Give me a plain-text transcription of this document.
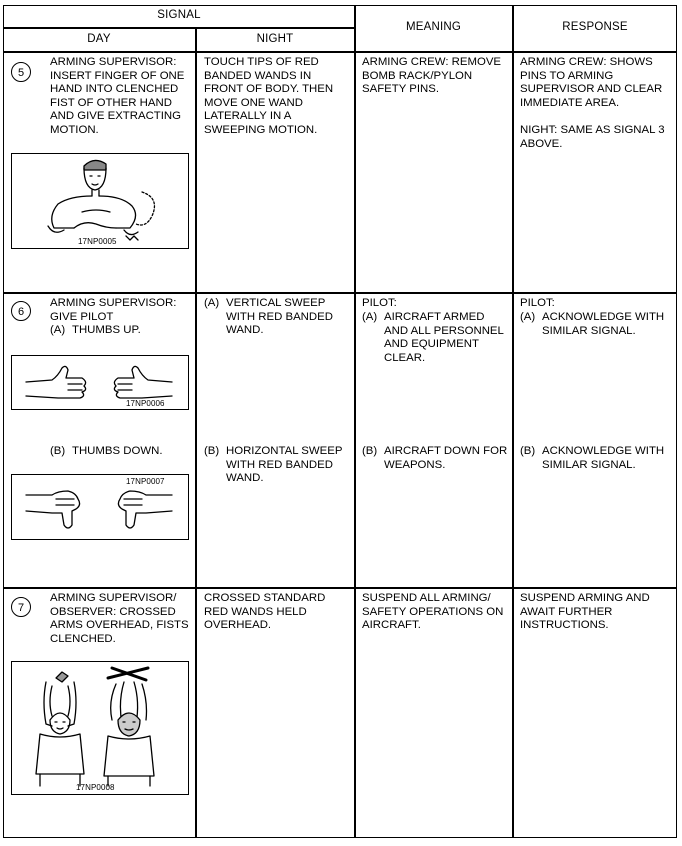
SIGNAL
DAY	NIGHT
MEANING	RESPONSE
5
ARMING SUPERVISOR:
INSERT FINGER OF ONE
HAND INTO CLENCHED
FIST OF OTHER HAND
AND GIVE EXTRACTING
MOTION.
17NP0005
TOUCH TIPS OF RED
BANDED WANDS IN
FRONT OF BODY. THEN
MOVE ONE WAND
LATERALLY IN A
SWEEPING MOTION.
ARMING CREW: REMOVE
BOMB RACK/PYLON
SAFETY PINS.
ARMING CREW: SHOWS
PINS TO ARMING
SUPERVISOR AND CLEAR
IMMEDIATE AREA.

NIGHT: SAME AS SIGNAL 3
ABOVE.
6
ARMING SUPERVISOR:
GIVE PILOT
(A) THUMBS UP.
17NP0006
(B) THUMBS DOWN.
17NP0007
(A) VERTICAL SWEEP
WITH RED BANDED
WAND.
(B) HORIZONTAL SWEEP
WITH RED BANDED
WAND.
PILOT:
(A) AIRCRAFT ARMED
AND ALL PERSONNEL
AND EQUIPMENT
CLEAR.
(B) AIRCRAFT DOWN FOR
WEAPONS.
PILOT:
(A) ACKNOWLEDGE WITH
SIMILAR SIGNAL.
(B) ACKNOWLEDGE WITH
SIMILAR SIGNAL.
7
ARMING SUPERVISOR/
OBSERVER: CROSSED
ARMS OVERHEAD, FISTS
CLENCHED.
17NP0008
CROSSED STANDARD
RED WANDS HELD
OVERHEAD.
SUSPEND ALL ARMING/
SAFETY OPERATIONS ON
AIRCRAFT.
SUSPEND ARMING AND
AWAIT FURTHER
INSTRUCTIONS.
